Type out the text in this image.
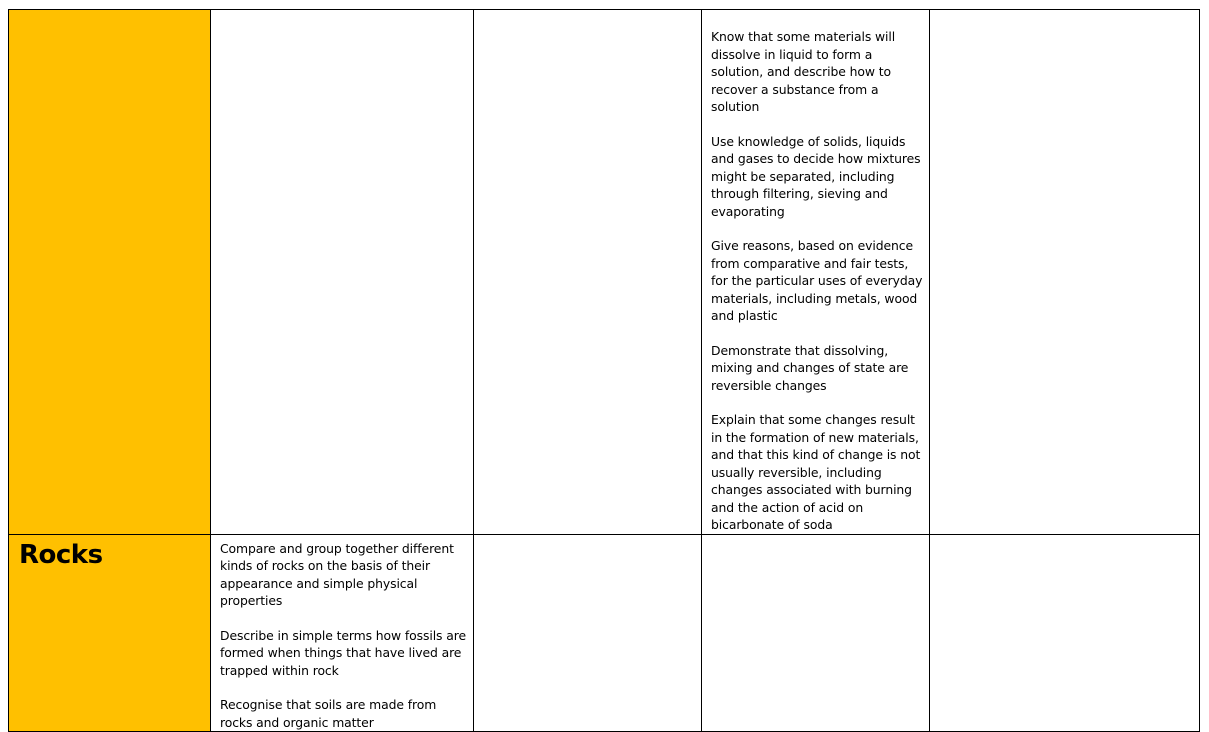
			Know that some materials will dissolve in liquid to form a solution, and describe how to recover a substance from a solution

Use knowledge of solids, liquids and gases to decide how mixtures might be separated, including through filtering, sieving and evaporating

Give reasons, based on evidence from comparative and fair tests, for the particular uses of everyday materials, including metals, wood and plastic

Demonstrate that dissolving, mixing and changes of state are reversible changes

Explain that some changes result in the formation of new materials, and that this kind of change is not usually reversible, including changes associated with burning and the action of acid on bicarbonate of soda	

Rocks	Compare and group together different kinds of rocks on the basis of their appearance and simple physical properties

Describe in simple terms how fossils are formed when things that have lived are trapped within rock

Recognise that soils are made from rocks and organic matter			
